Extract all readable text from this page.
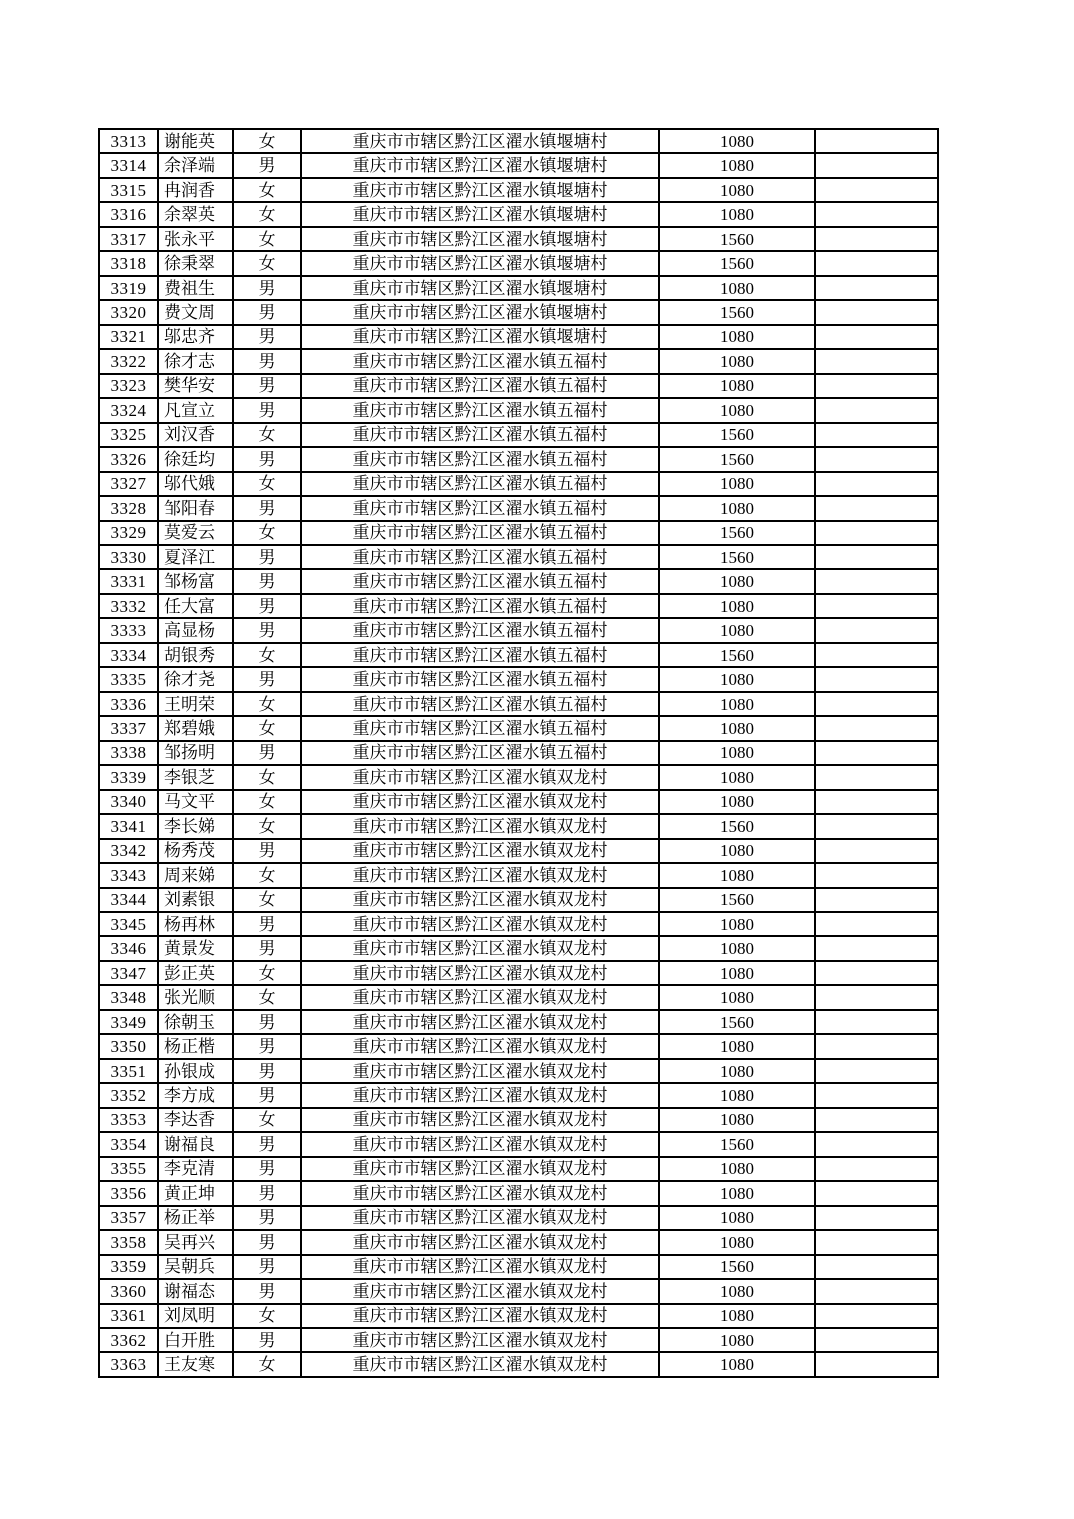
3313	谢能英	女	重庆市市辖区黔江区濯水镇堰塘村	1080	
3314	余泽端	男	重庆市市辖区黔江区濯水镇堰塘村	1080	
3315	冉润香	女	重庆市市辖区黔江区濯水镇堰塘村	1080	
3316	余翠英	女	重庆市市辖区黔江区濯水镇堰塘村	1080	
3317	张永平	女	重庆市市辖区黔江区濯水镇堰塘村	1560	
3318	徐秉翠	女	重庆市市辖区黔江区濯水镇堰塘村	1560	
3319	费祖生	男	重庆市市辖区黔江区濯水镇堰塘村	1080	
3320	费文周	男	重庆市市辖区黔江区濯水镇堰塘村	1560	
3321	邬忠齐	男	重庆市市辖区黔江区濯水镇堰塘村	1080	
3322	徐才志	男	重庆市市辖区黔江区濯水镇五福村	1080	
3323	樊华安	男	重庆市市辖区黔江区濯水镇五福村	1080	
3324	凡宣立	男	重庆市市辖区黔江区濯水镇五福村	1080	
3325	刘汉香	女	重庆市市辖区黔江区濯水镇五福村	1560	
3326	徐廷均	男	重庆市市辖区黔江区濯水镇五福村	1560	
3327	邬代娥	女	重庆市市辖区黔江区濯水镇五福村	1080	
3328	邹阳春	男	重庆市市辖区黔江区濯水镇五福村	1080	
3329	莫爱云	女	重庆市市辖区黔江区濯水镇五福村	1560	
3330	夏泽江	男	重庆市市辖区黔江区濯水镇五福村	1560	
3331	邹杨富	男	重庆市市辖区黔江区濯水镇五福村	1080	
3332	任大富	男	重庆市市辖区黔江区濯水镇五福村	1080	
3333	高显杨	男	重庆市市辖区黔江区濯水镇五福村	1080	
3334	胡银秀	女	重庆市市辖区黔江区濯水镇五福村	1560	
3335	徐才尧	男	重庆市市辖区黔江区濯水镇五福村	1080	
3336	王明荣	女	重庆市市辖区黔江区濯水镇五福村	1080	
3337	郑碧娥	女	重庆市市辖区黔江区濯水镇五福村	1080	
3338	邹扬明	男	重庆市市辖区黔江区濯水镇五福村	1080	
3339	李银芝	女	重庆市市辖区黔江区濯水镇双龙村	1080	
3340	马文平	女	重庆市市辖区黔江区濯水镇双龙村	1080	
3341	李长娣	女	重庆市市辖区黔江区濯水镇双龙村	1560	
3342	杨秀茂	男	重庆市市辖区黔江区濯水镇双龙村	1080	
3343	周来娣	女	重庆市市辖区黔江区濯水镇双龙村	1080	
3344	刘素银	女	重庆市市辖区黔江区濯水镇双龙村	1560	
3345	杨再林	男	重庆市市辖区黔江区濯水镇双龙村	1080	
3346	黄景发	男	重庆市市辖区黔江区濯水镇双龙村	1080	
3347	彭正英	女	重庆市市辖区黔江区濯水镇双龙村	1080	
3348	张光顺	女	重庆市市辖区黔江区濯水镇双龙村	1080	
3349	徐朝玉	男	重庆市市辖区黔江区濯水镇双龙村	1560	
3350	杨正楷	男	重庆市市辖区黔江区濯水镇双龙村	1080	
3351	孙银成	男	重庆市市辖区黔江区濯水镇双龙村	1080	
3352	李方成	男	重庆市市辖区黔江区濯水镇双龙村	1080	
3353	李达香	女	重庆市市辖区黔江区濯水镇双龙村	1080	
3354	谢福良	男	重庆市市辖区黔江区濯水镇双龙村	1560	
3355	李克清	男	重庆市市辖区黔江区濯水镇双龙村	1080	
3356	黄正坤	男	重庆市市辖区黔江区濯水镇双龙村	1080	
3357	杨正举	男	重庆市市辖区黔江区濯水镇双龙村	1080	
3358	吴再兴	男	重庆市市辖区黔江区濯水镇双龙村	1080	
3359	吴朝兵	男	重庆市市辖区黔江区濯水镇双龙村	1560	
3360	谢福态	男	重庆市市辖区黔江区濯水镇双龙村	1080	
3361	刘凤明	女	重庆市市辖区黔江区濯水镇双龙村	1080	
3362	白开胜	男	重庆市市辖区黔江区濯水镇双龙村	1080	
3363	王友寒	女	重庆市市辖区黔江区濯水镇双龙村	1080	
